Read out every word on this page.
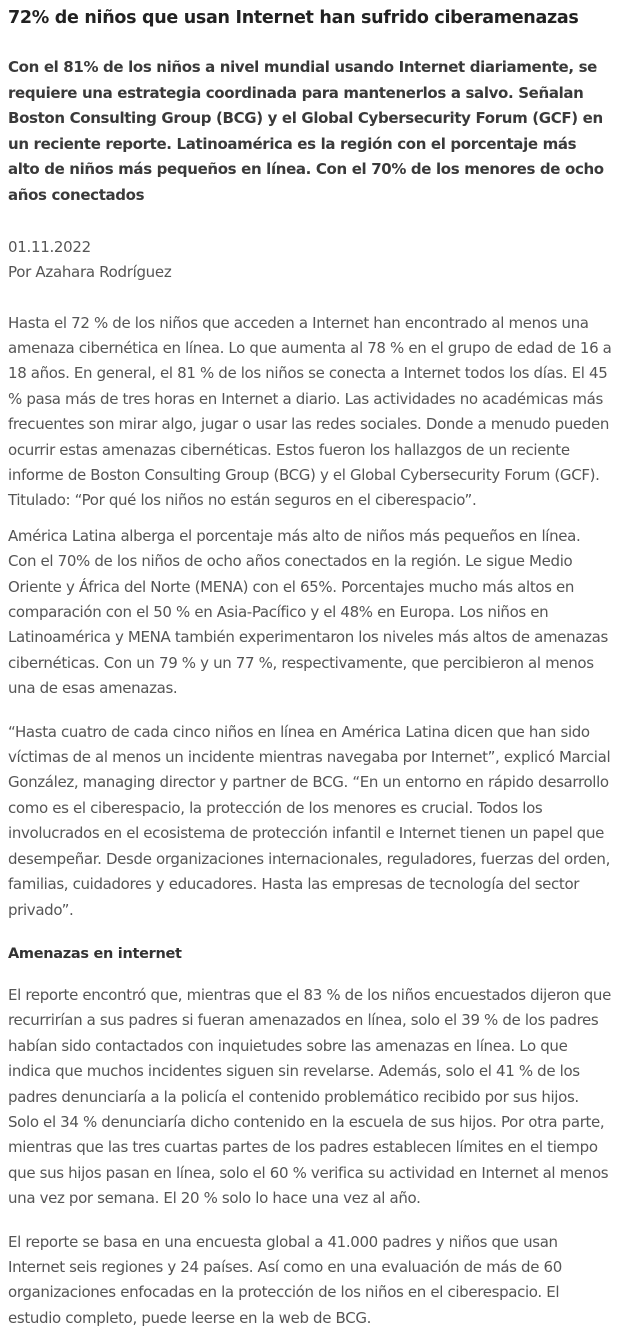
72% de niños que usan Internet han sufrido ciberamenazas

Con el 81% de los niños a nivel mundial usando Internet diariamente, se requiere una estrategia coordinada para mantenerlos a salvo. Señalan Boston Consulting Group (BCG) y el Global Cybersecurity Forum (GCF) en un reciente reporte. Latinoamérica es la región con el porcentaje más alto de niños más pequeños en línea. Con el 70% de los menores de ocho años conectados

01.11.2022
Por Azahara Rodríguez

Hasta el 72 % de los niños que acceden a Internet han encontrado al menos una amenaza cibernética en línea. Lo que aumenta al 78 % en el grupo de edad de 16 a 18 años. En general, el 81 % de los niños se conecta a Internet todos los días. El 45 % pasa más de tres horas en Internet a diario. Las actividades no académicas más frecuentes son mirar algo, jugar o usar las redes sociales. Donde a menudo pueden ocurrir estas amenazas cibernéticas. Estos fueron los hallazgos de un reciente informe de Boston Consulting Group (BCG) y el Global Cybersecurity Forum (GCF). Titulado: “Por qué los niños no están seguros en el ciberespacio”.

América Latina alberga el porcentaje más alto de niños más pequeños en línea. Con el 70% de los niños de ocho años conectados en la región. Le sigue Medio Oriente y África del Norte (MENA) con el 65%. Porcentajes mucho más altos en comparación con el 50 % en Asia-Pacífico y el 48% en Europa. Los niños en Latinoamérica y MENA también experimentaron los niveles más altos de amenazas cibernéticas. Con un 79 % y un 77 %, respectivamente, que percibieron al menos una de esas amenazas.

“Hasta cuatro de cada cinco niños en línea en América Latina dicen que han sido víctimas de al menos un incidente mientras navegaba por Internet”, explicó Marcial González, managing director y partner de BCG. “En un entorno en rápido desarrollo como es el ciberespacio, la protección de los menores es crucial. Todos los involucrados en el ecosistema de protección infantil e Internet tienen un papel que desempeñar. Desde organizaciones internacionales, reguladores, fuerzas del orden, familias, cuidadores y educadores. Hasta las empresas de tecnología del sector privado”.

Amenazas en internet

El reporte encontró que, mientras que el 83 % de los niños encuestados dijeron que recurrirían a sus padres si fueran amenazados en línea, solo el 39 % de los padres habían sido contactados con inquietudes sobre las amenazas en línea. Lo que indica que muchos incidentes siguen sin revelarse. Además, solo el 41 % de los padres denunciaría a la policía el contenido problemático recibido por sus hijos. Solo el 34 % denunciaría dicho contenido en la escuela de sus hijos. Por otra parte, mientras que las tres cuartas partes de los padres establecen límites en el tiempo que sus hijos pasan en línea, solo el 60 % verifica su actividad en Internet al menos una vez por semana. El 20 % solo lo hace una vez al año.

El reporte se basa en una encuesta global a 41.000 padres y niños que usan Internet seis regiones y 24 países. Así como en una evaluación de más de 60 organizaciones enfocadas en la protección de los niños en el ciberespacio. El estudio completo, puede leerse en la web de BCG.
